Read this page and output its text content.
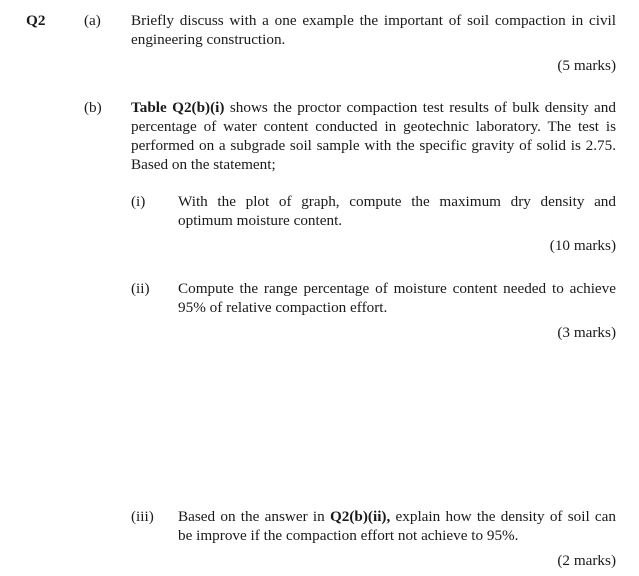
Q2	(a) Briefly discuss with a one example the important of soil compaction in civil engineering construction.
(5 marks)
(b) Table Q2(b)(i) shows the proctor compaction test results of bulk density and percentage of water content conducted in geotechnic laboratory. The test is performed on a subgrade soil sample with the specific gravity of solid is 2.75. Based on the statement;
(i) With the plot of graph, compute the maximum dry density and optimum moisture content.
(10 marks)
(ii) Compute the range percentage of moisture content needed to achieve 95% of relative compaction effort.
(3 marks)
(iii) Based on the answer in Q2(b)(ii), explain how the density of soil can be improve if the compaction effort not achieve to 95%.
(2 marks)
